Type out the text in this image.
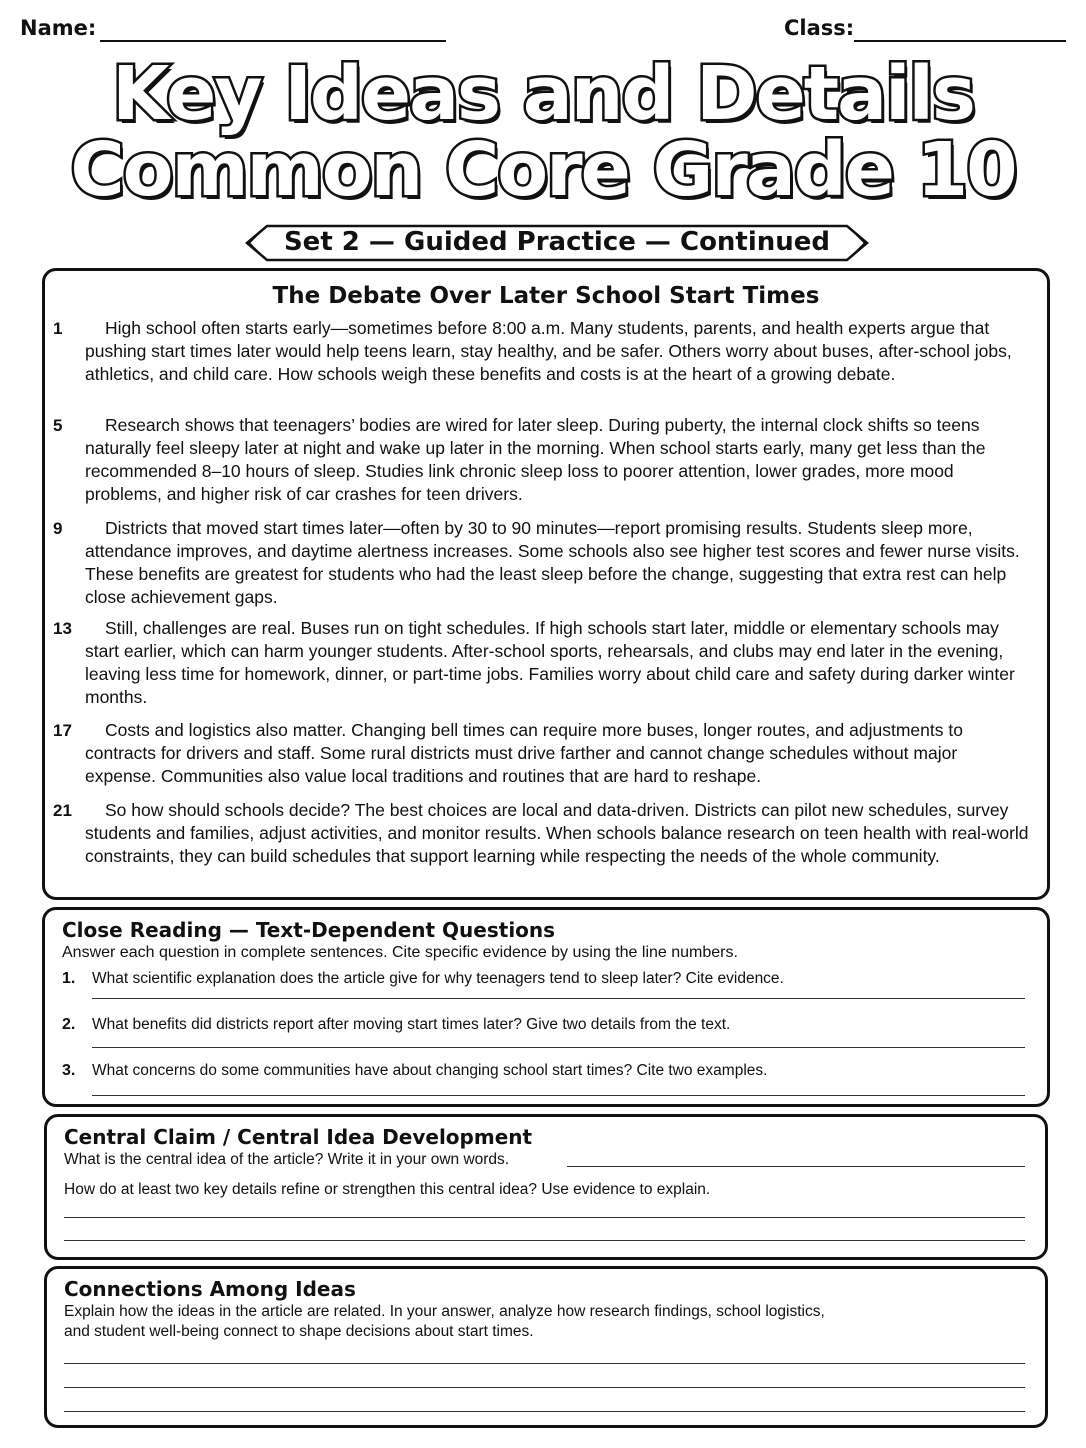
Name:	Class:
Key Ideas and Details
Common Core Grade 10
Set 2 — Guided Practice — Continued
The Debate Over Later School Start Times
1	High school often starts early—sometimes before 8:00 a.m. Many students, parents, and health experts argue that pushing start times later would help teens learn, stay healthy, and be safer. Others worry about buses, after-school jobs, athletics, and child care. How schools weigh these benefits and costs is at the heart of a growing debate.
5	Research shows that teenagers’ bodies are wired for later sleep. During puberty, the internal clock shifts so teens naturally feel sleepy later at night and wake up later in the morning. When school starts early, many get less than the recommended 8–10 hours of sleep. Studies link chronic sleep loss to poorer attention, lower grades, more mood problems, and higher risk of car crashes for teen drivers.
9	Districts that moved start times later—often by 30 to 90 minutes—report promising results. Students sleep more, attendance improves, and daytime alertness increases. Some schools also see higher test scores and fewer nurse visits. These benefits are greatest for students who had the least sleep before the change, suggesting that extra rest can help close achievement gaps.
13	Still, challenges are real. Buses run on tight schedules. If high schools start later, middle or elementary schools may start earlier, which can harm younger students. After-school sports, rehearsals, and clubs may end later in the evening, leaving less time for homework, dinner, or part-time jobs. Families worry about child care and safety during darker winter months.
17	Costs and logistics also matter. Changing bell times can require more buses, longer routes, and adjustments to contracts for drivers and staff. Some rural districts must drive farther and cannot change schedules without major expense. Communities also value local traditions and routines that are hard to reshape.
21	So how should schools decide? The best choices are local and data-driven. Districts can pilot new schedules, survey students and families, adjust activities, and monitor results. When schools balance research on teen health with real-world constraints, they can build schedules that support learning while respecting the needs of the whole community.
Close Reading — Text-Dependent Questions
Answer each question in complete sentences. Cite specific evidence by using the line numbers.
1. What scientific explanation does the article give for why teenagers tend to sleep later? Cite evidence.
2. What benefits did districts report after moving start times later? Give two details from the text.
3. What concerns do some communities have about changing school start times? Cite two examples.
Central Claim / Central Idea Development
What is the central idea of the article? Write it in your own words.
How do at least two key details refine or strengthen this central idea? Use evidence to explain.
Connections Among Ideas
Explain how the ideas in the article are related. In your answer, analyze how research findings, school logistics,
and student well-being connect to shape decisions about start times.
